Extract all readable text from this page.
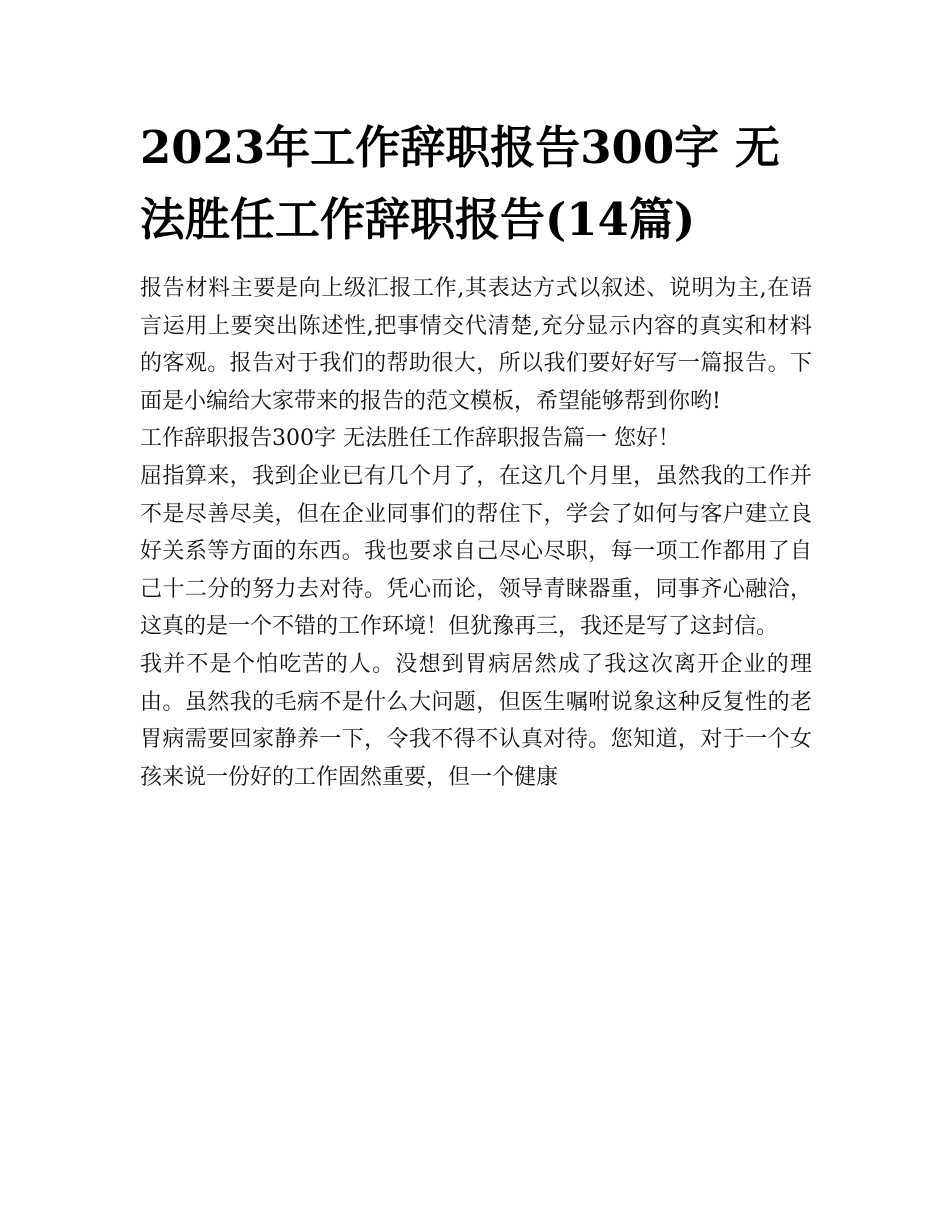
2023年工作辞职报告300字 无法胜任工作辞职报告(14篇)

报告材料主要是向上级汇报工作,其表达方式以叙述、说明为主,在语言运用上要突出陈述性,把事情交代清楚,充分显示内容的真实和材料的客观。报告对于我们的帮助很大，所以我们要好好写一篇报告。下面是小编给大家带来的报告的范文模板，希望能够帮到你哟!

工作辞职报告300字 无法胜任工作辞职报告篇一 您好！

屈指算来，我到企业已有几个月了，在这几个月里，虽然我的工作并不是尽善尽美，但在企业同事们的帮住下，学会了如何与客户建立良好关系等方面的东西。我也要求自己尽心尽职，每一项工作都用了自己十二分的努力去对待。凭心而论，领导青睐器重，同事齐心融洽，这真的是一个不错的工作环境！但犹豫再三，我还是写了这封信。

我并不是个怕吃苦的人。没想到胃病居然成了我这次离开企业的理由。虽然我的毛病不是什么大问题，但医生嘱咐说象这种反复性的老胃病需要回家静养一下，令我不得不认真对待。您知道，对于一个女孩来说一份好的工作固然重要，但一个健康
